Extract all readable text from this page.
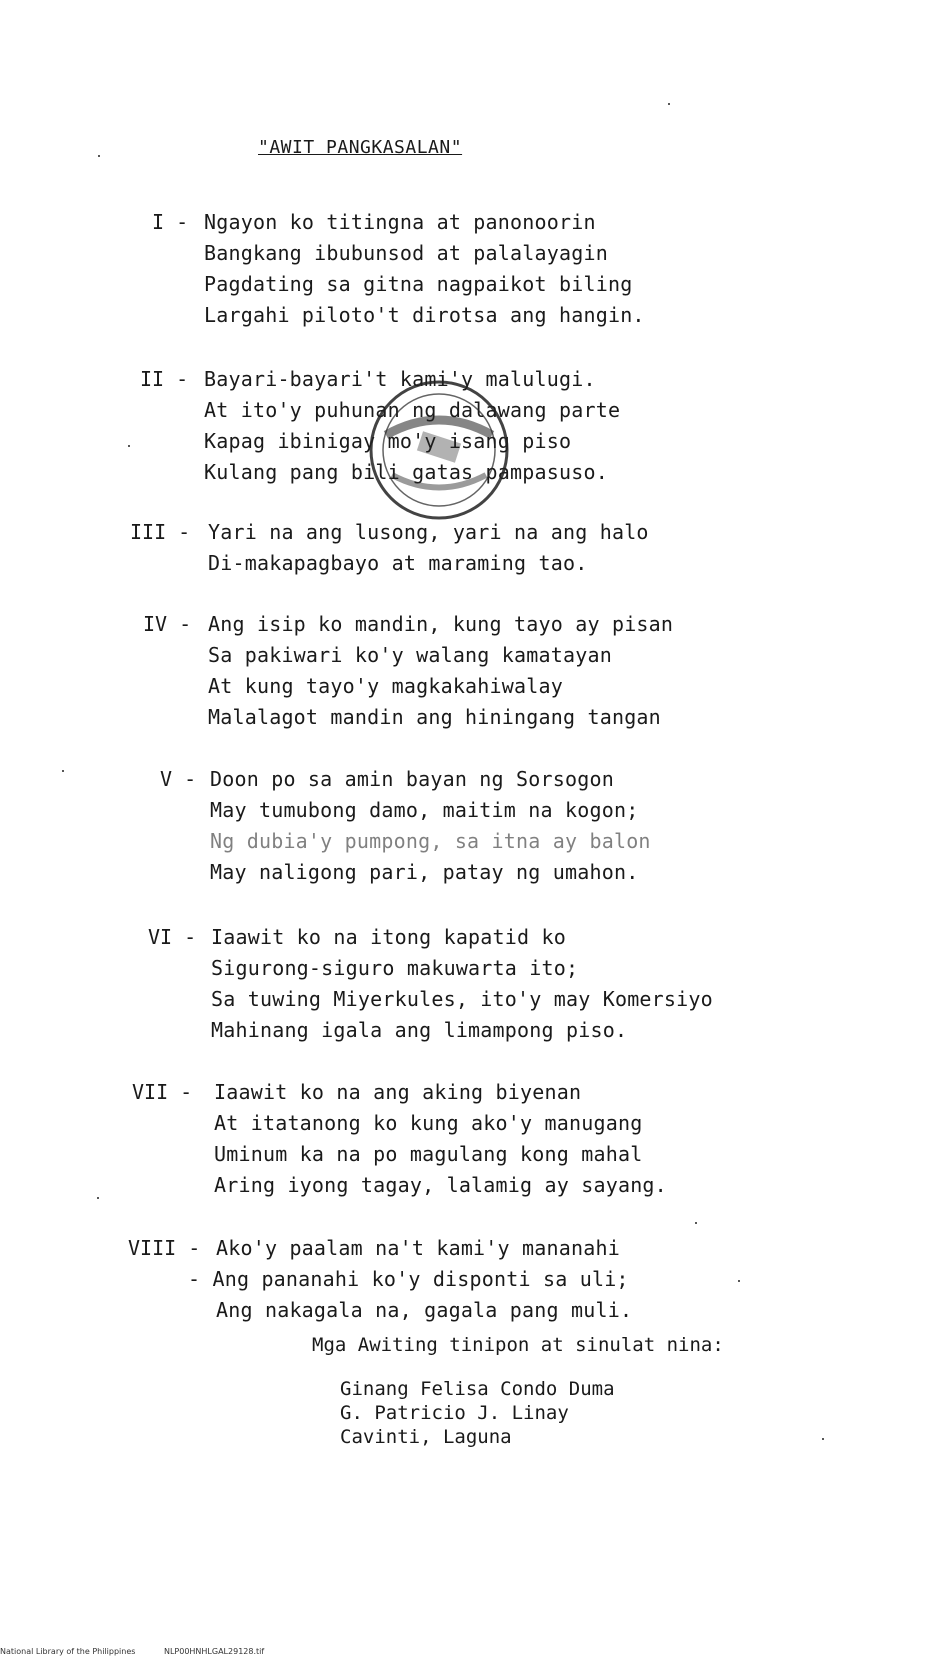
"AWIT PANGKASALAN"
I - Ngayon ko titingna at panonoorin
Bangkang ibubunsod at palalayagin
Pagdating sa gitna nagpaikot biling
Largahi piloto't dirotsa ang hangin.
II - Bayari-bayari't kami'y malulugi.
At ito'y puhunan ng dalawang parte
Kapag ibinigay mo'y isang piso
Kulang pang bili gatas pampasuso.
III - Yari na ang lusong, yari na ang halo
Di-makapagbayo at maraming tao.
IV - Ang isip ko mandin, kung tayo ay pisan
Sa pakiwari ko'y walang kamatayan
At kung tayo'y magkakahiwalay
Malalagot mandin ang hiningang tangan
V - Doon po sa amin bayan ng Sorsogon
May tumubong damo, maitim na kogon;
Ng dubia'y pumpong, sa itna ay balon
May naligong pari, patay ng umahon.
VI - Iaawit ko na itong kapatid ko
Sigurong-siguro makuwarta ito;
Sa tuwing Miyerkules, ito'y may Komersiyo
Mahinang igala ang limampong piso.
VII - Iaawit ko na ang aking biyenan
At itatanong ko kung ako'y manugang
Uminum ka na po magulang kong mahal
Aring iyong tagay, lalamig ay sayang.
VIII - Ako'y paalam na't kami'y mananahi
- Ang pananahi ko'y disponti sa uli;
Ang nakagala na, gagala pang muli.
Mga Awiting tinipon at sinulat nina:
Ginang Felisa Condo Duma
G. Patricio J. Linay
Cavinti, Laguna
National Library of the Philippines	NLP00HNHLGAL29128.tif
